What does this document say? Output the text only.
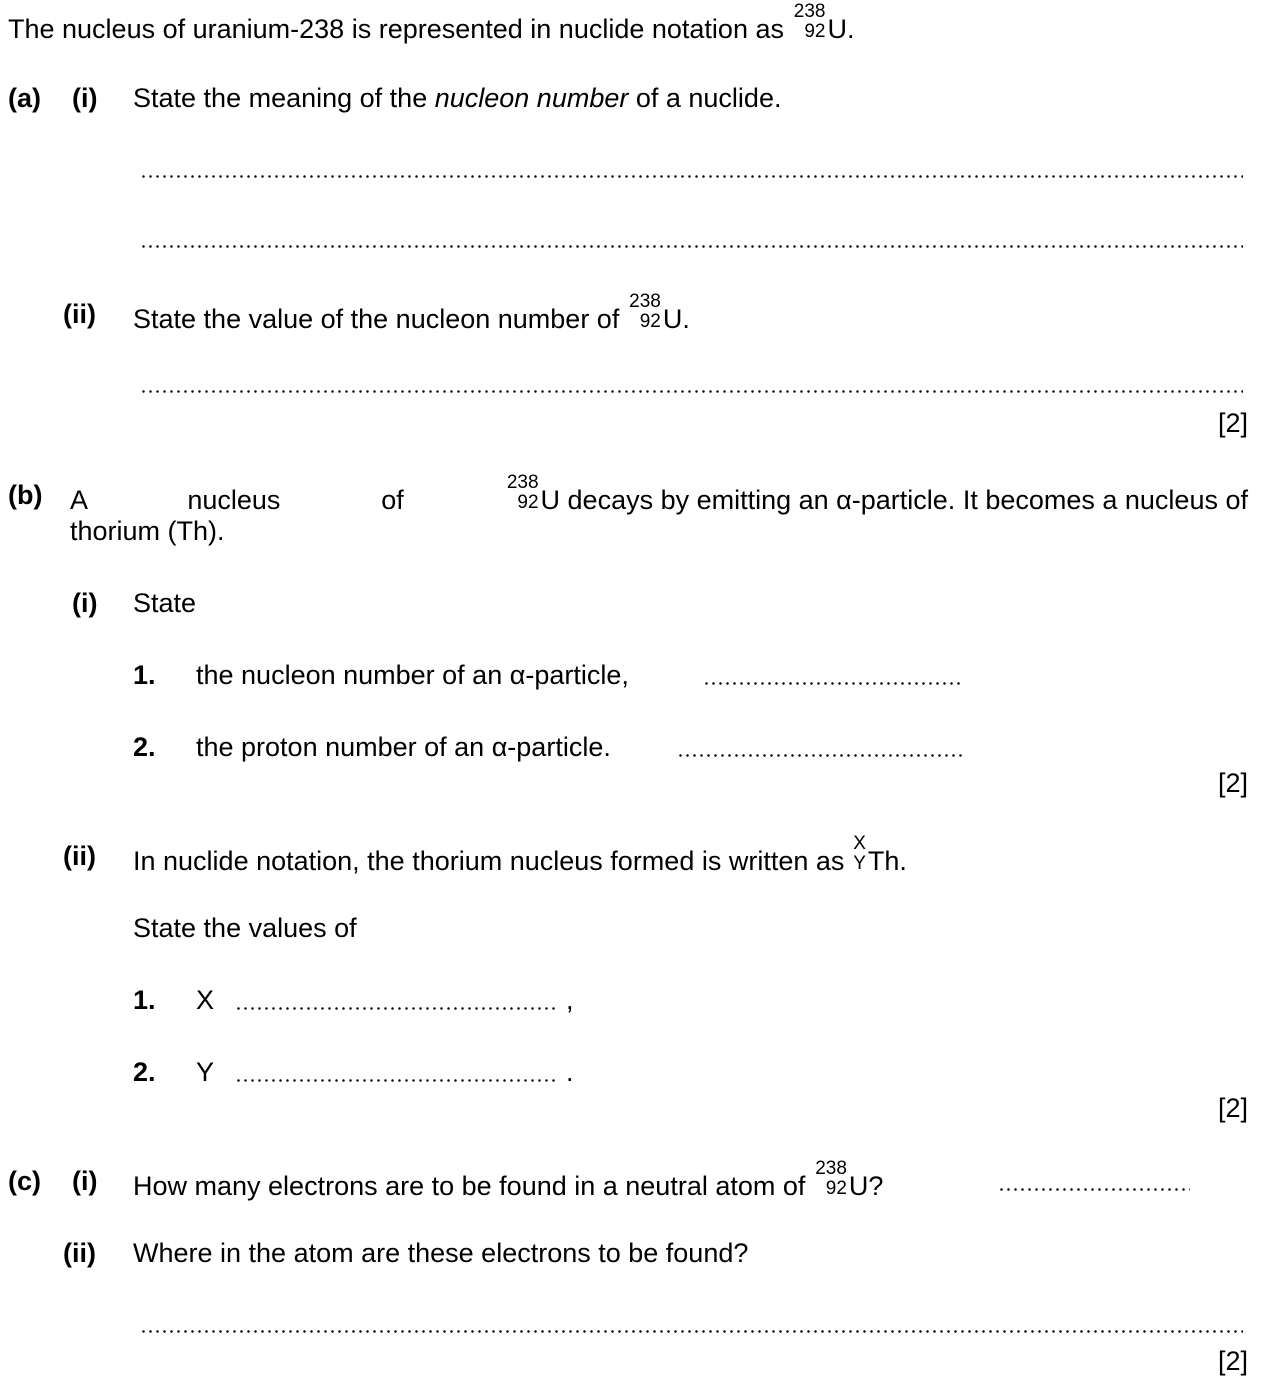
The nucleus of uranium-238 is represented in nuclide notation as
238
92 U.
(a) (i) State the meaning of the nucleon number of a nuclide.
(ii) State the value of the nucleon number of
238
92 U.
[2]
(b) A nucleus of
238
92 U decays by emitting an α-particle. It becomes a nucleus of
thorium (Th).
(i) State
1. the nucleon number of an α-particle,
2. the proton number of an α-particle.
[2]
(ii) In nuclide notation, the thorium nucleus formed is written as
X
Y Th.
State the values of
1. X	,
2. Y	.
[2]
(c) (i) How many electrons are to be found in a neutral atom of
238
92 U?
(ii) Where in the atom are these electrons to be found?
[2]
